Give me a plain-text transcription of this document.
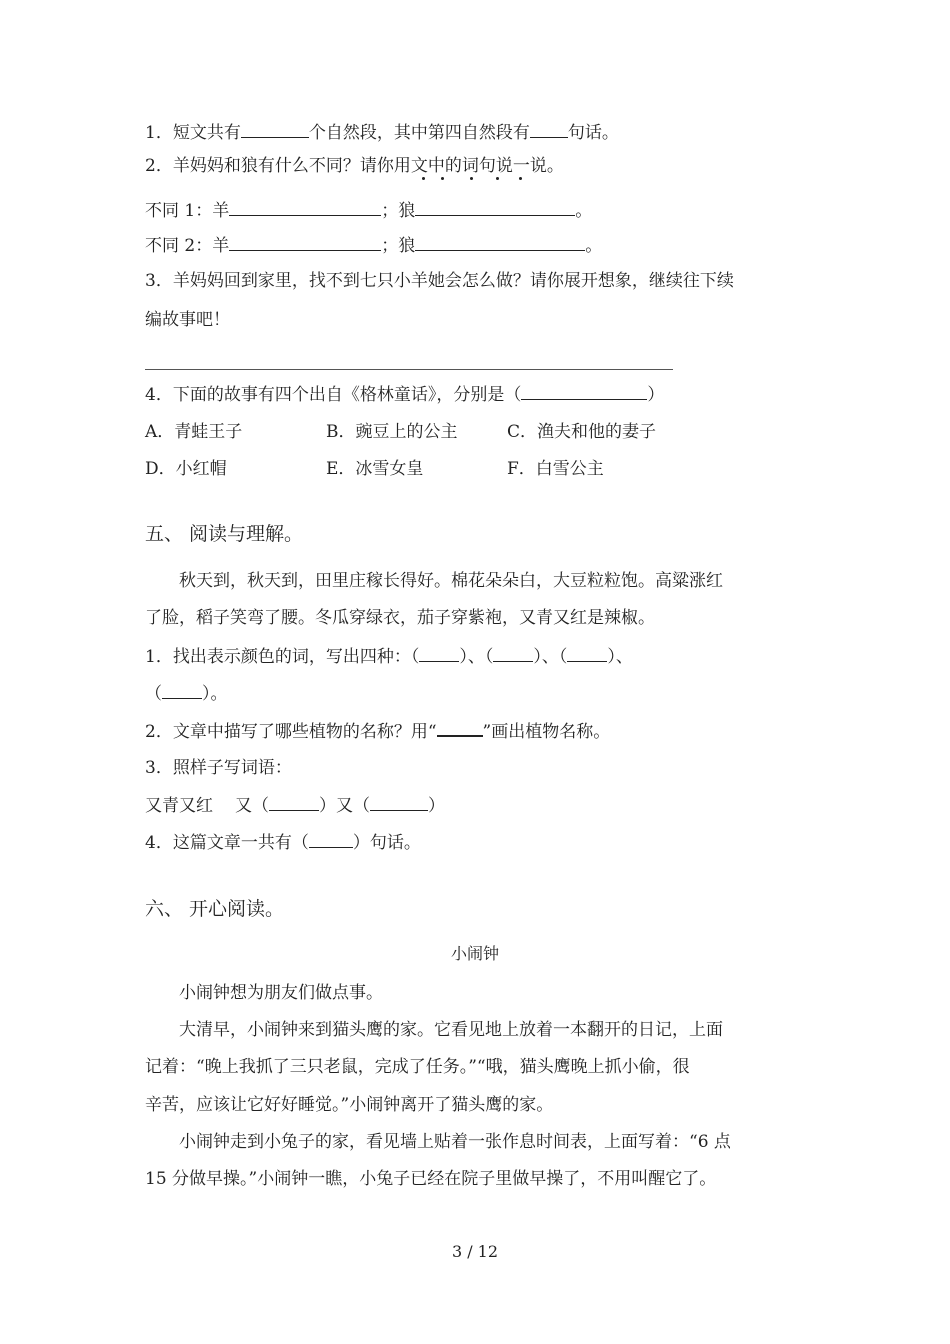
1．短文共有	个自然段，其中第四自然段有 句话。
2．羊妈妈和狼有什么不同？请你用文中的词句说一说。
不同 1：羊	；狼	。
不同 2：羊	；狼	。
3．羊妈妈回到家里，找不到七只小羊她会怎么做？请你展开想象，继续往下续
编故事吧！
4．下面的故事有四个出自《格林童话》，分别是（	）
A．青蛙王子	B．豌豆上的公主	C．渔夫和他的妻子
D．小红帽	E．冰雪女皇	F．白雪公主
五、 阅读与理解。
秋天到，秋天到，田里庄稼长得好。棉花朵朵白，大豆粒粒饱。高粱涨红
了脸，稻子笑弯了腰。冬瓜穿绿衣，茄子穿紫袍，又青又红是辣椒。
1．找出表示颜色的词，写出四种：（ ）、（ ）、（ ）、
（ ）。
2．文章中描写了哪些植物的名称？用“	”画出植物名称。
3．照样子写词语：
又青又红 又（	）又（	）
4．这篇文章一共有（	）句话。
六、 开心阅读。
小闹钟
小闹钟想为朋友们做点事。
大清早，小闹钟来到猫头鹰的家。它看见地上放着一本翻开的日记，上面
记着：“晚上我抓了三只老鼠，完成了任务。”“哦，猫头鹰晚上抓小偷，很
辛苦，应该让它好好睡觉。”小闹钟离开了猫头鹰的家。
小闹钟走到小兔子的家，看见墙上贴着一张作息时间表，上面写着：“6 点
15 分做早操。”小闹钟一瞧，小兔子已经在院子里做早操了，不用叫醒它了。
3 / 12
